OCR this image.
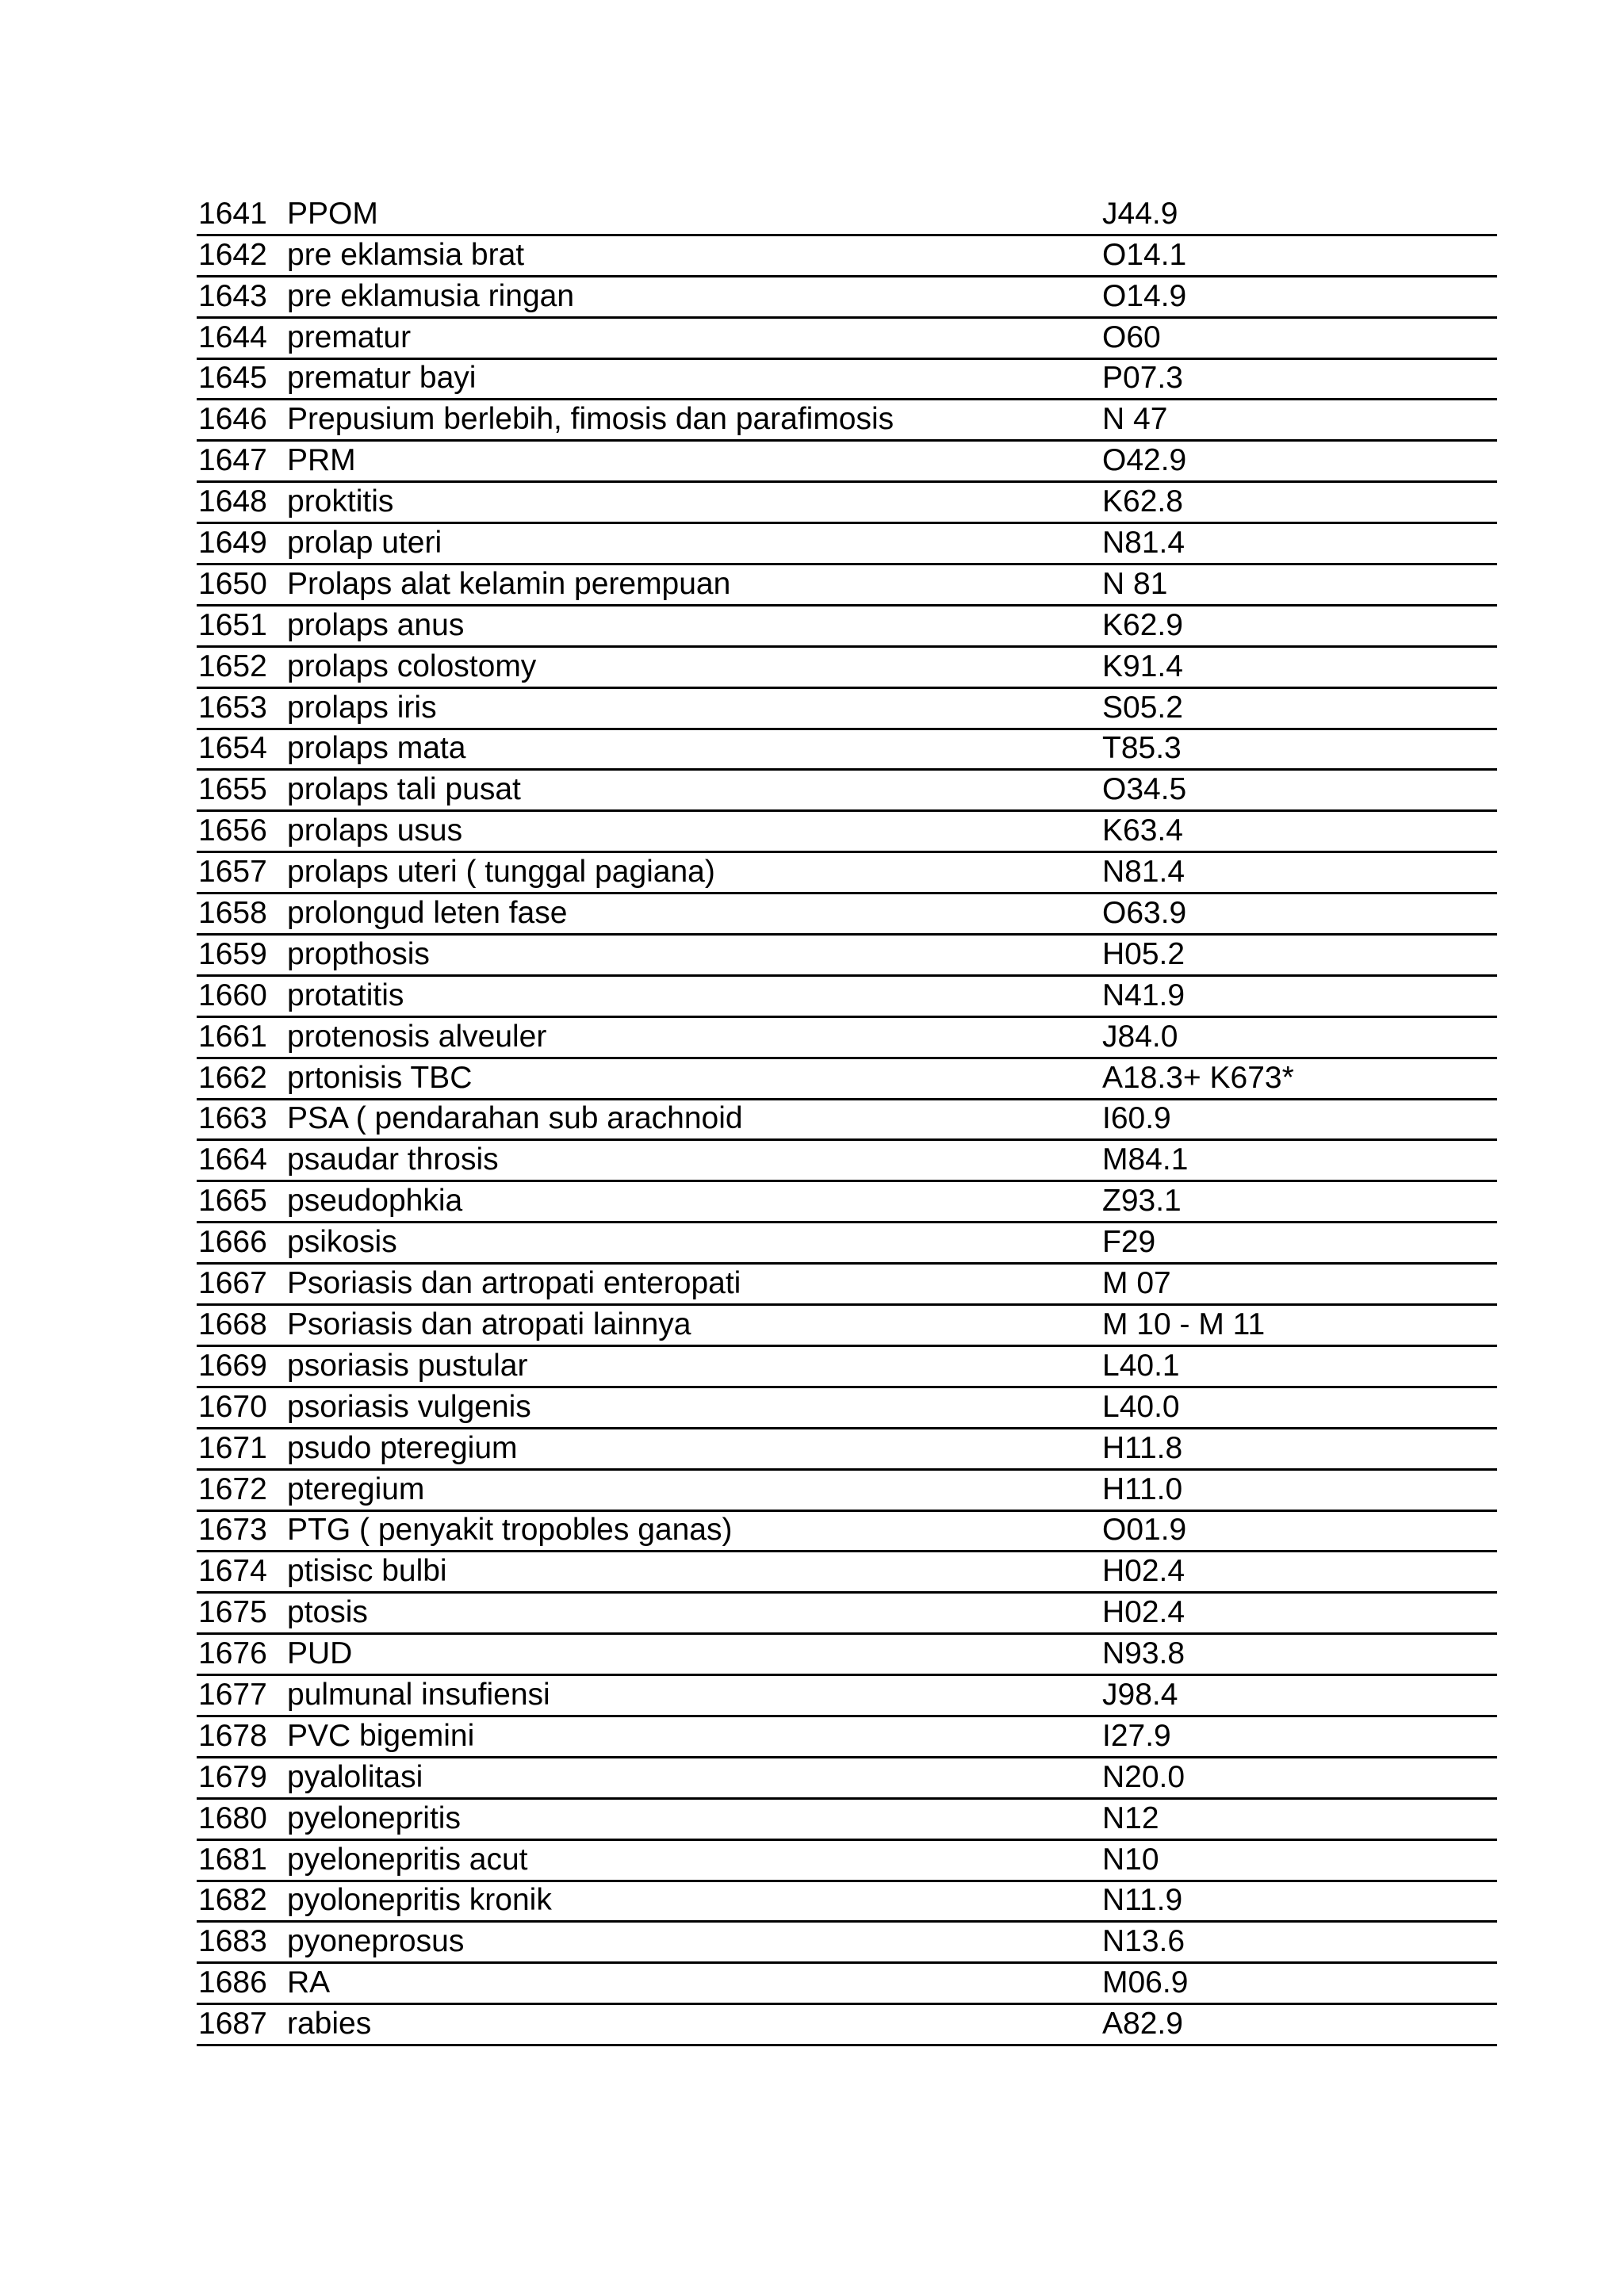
1641 PPOM	J44.9
1642 pre eklamsia brat	O14.1
1643 pre eklamusia ringan	O14.9
1644 prematur	O60
1645 prematur bayi	P07.3
1646 Prepusium berlebih, fimosis dan parafimosis	N 47
1647 PRM	O42.9
1648 proktitis	K62.8
1649 prolap uteri	N81.4
1650 Prolaps alat kelamin perempuan	N 81
1651 prolaps anus	K62.9
1652 prolaps colostomy	K91.4
1653 prolaps iris	S05.2
1654 prolaps mata	T85.3
1655 prolaps tali pusat	O34.5
1656 prolaps usus	K63.4
1657 prolaps uteri ( tunggal pagiana)	N81.4
1658 prolongud leten fase	O63.9
1659 propthosis	H05.2
1660 protatitis	N41.9
1661 protenosis alveuler	J84.0
1662 prtonisis TBC	A18.3+ K673*
1663 PSA ( pendarahan sub arachnoid	I60.9
1664 psaudar throsis	M84.1
1665 pseudophkia	Z93.1
1666 psikosis	F29
1667 Psoriasis dan artropati enteropati	M 07
1668 Psoriasis dan atropati lainnya	M 10 - M 11
1669 psoriasis pustular	L40.1
1670 psoriasis vulgenis	L40.0
1671 psudo pteregium	H11.8
1672 pteregium	H11.0
1673 PTG ( penyakit tropobles ganas)	O01.9
1674 ptisisc bulbi	H02.4
1675 ptosis	H02.4
1676 PUD	N93.8
1677 pulmunal insufiensi	J98.4
1678 PVC bigemini	I27.9
1679 pyalolitasi	N20.0
1680 pyelonepritis	N12
1681 pyelonepritis acut	N10
1682 pyolonepritis kronik	N11.9
1683 pyoneprosus	N13.6
1686 RA	M06.9
1687 rabies	A82.9
